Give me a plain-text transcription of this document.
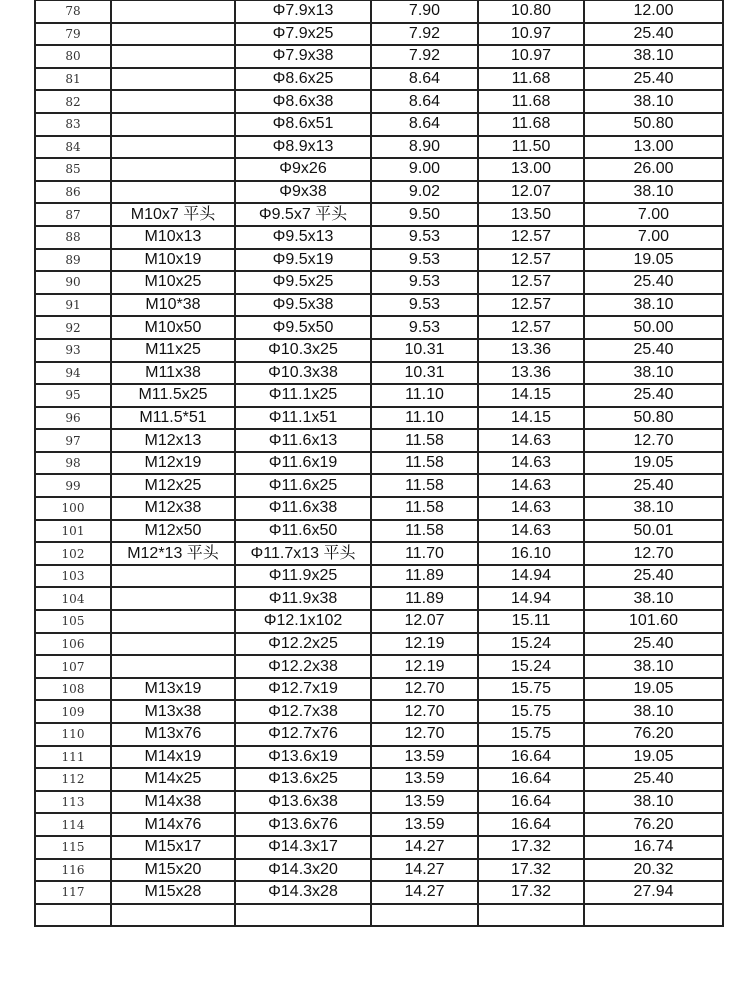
78		Φ7.9x13	7.90	10.80	12.00
79		Φ7.9x25	7.92	10.97	25.40
80		Φ7.9x38	7.92	10.97	38.10
81		Φ8.6x25	8.64	11.68	25.40
82		Φ8.6x38	8.64	11.68	38.10
83		Φ8.6x51	8.64	11.68	50.80
84		Φ8.9x13	8.90	11.50	13.00
85		Φ9x26	9.00	13.00	26.00
86		Φ9x38	9.02	12.07	38.10
87	M10x7 平头	Φ9.5x7 平头	9.50	13.50	7.00
88	M10x13	Φ9.5x13	9.53	12.57	7.00
89	M10x19	Φ9.5x19	9.53	12.57	19.05
90	M10x25	Φ9.5x25	9.53	12.57	25.40
91	M10*38	Φ9.5x38	9.53	12.57	38.10
92	M10x50	Φ9.5x50	9.53	12.57	50.00
93	M11x25	Φ10.3x25	10.31	13.36	25.40
94	M11x38	Φ10.3x38	10.31	13.36	38.10
95	M11.5x25	Φ11.1x25	11.10	14.15	25.40
96	M11.5*51	Φ11.1x51	11.10	14.15	50.80
97	M12x13	Φ11.6x13	11.58	14.63	12.70
98	M12x19	Φ11.6x19	11.58	14.63	19.05
99	M12x25	Φ11.6x25	11.58	14.63	25.40
100	M12x38	Φ11.6x38	11.58	14.63	38.10
101	M12x50	Φ11.6x50	11.58	14.63	50.01
102	M12*13 平头	Φ11.7x13 平头	11.70	16.10	12.70
103		Φ11.9x25	11.89	14.94	25.40
104		Φ11.9x38	11.89	14.94	38.10
105		Φ12.1x102	12.07	15.11	101.60
106		Φ12.2x25	12.19	15.24	25.40
107		Φ12.2x38	12.19	15.24	38.10
108	M13x19	Φ12.7x19	12.70	15.75	19.05
109	M13x38	Φ12.7x38	12.70	15.75	38.10
110	M13x76	Φ12.7x76	12.70	15.75	76.20
111	M14x19	Φ13.6x19	13.59	16.64	19.05
112	M14x25	Φ13.6x25	13.59	16.64	25.40
113	M14x38	Φ13.6x38	13.59	16.64	38.10
114	M14x76	Φ13.6x76	13.59	16.64	76.20
115	M15x17	Φ14.3x17	14.27	17.32	16.74
116	M15x20	Φ14.3x20	14.27	17.32	20.32
117	M15x28	Φ14.3x28	14.27	17.32	27.94
